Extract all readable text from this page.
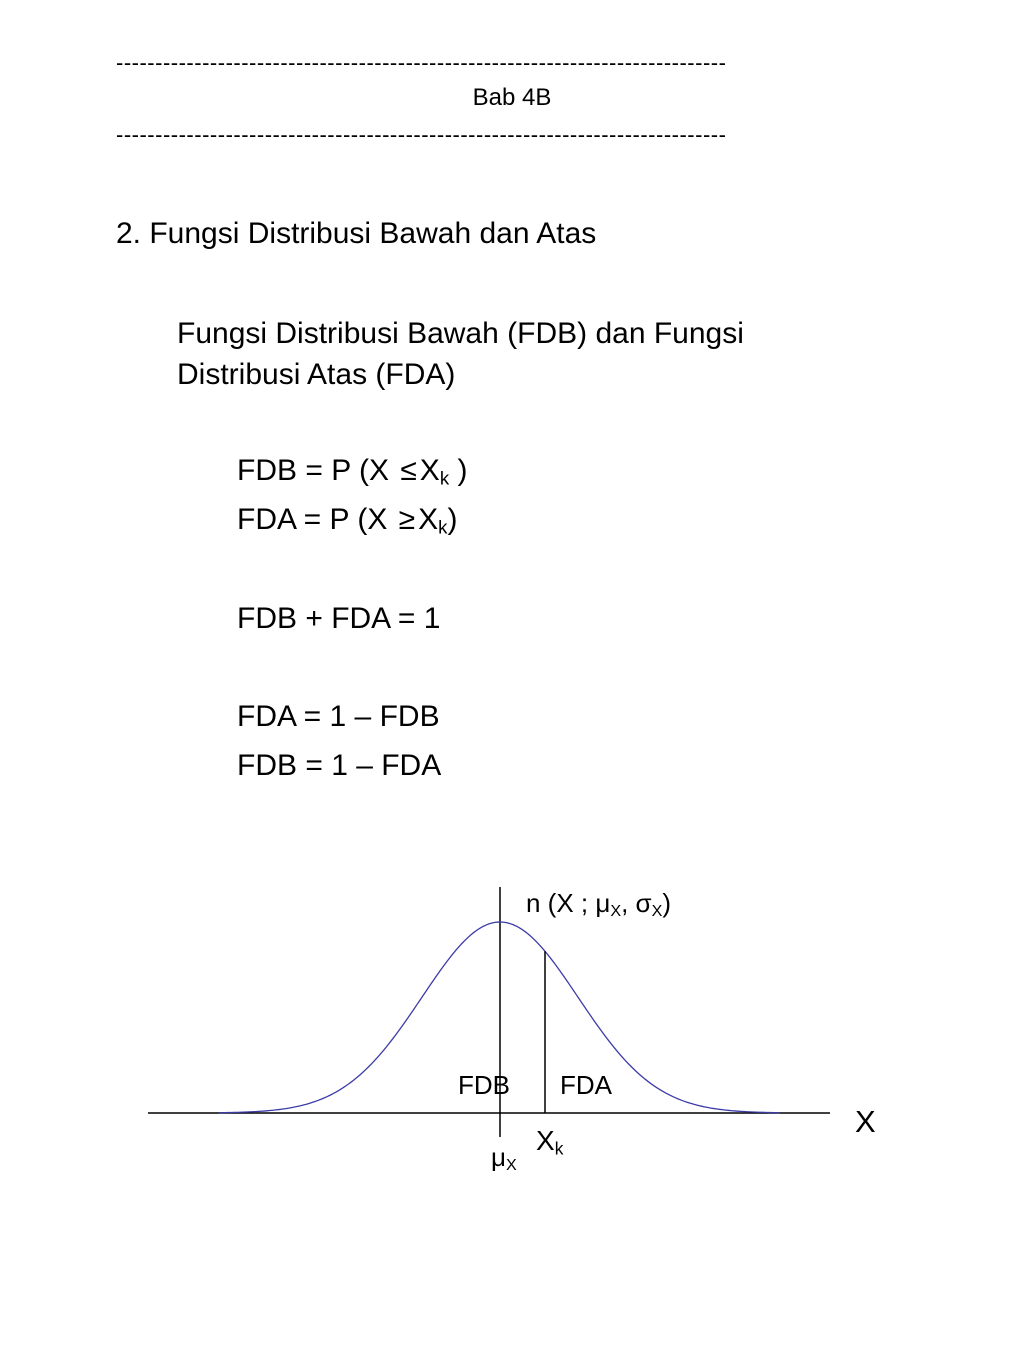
------------------------------------------------------------------------------
Bab 4B
------------------------------------------------------------------------------
2. Fungsi Distribusi Bawah dan Atas
Fungsi Distribusi Bawah (FDB) dan Fungsi
Distribusi Atas (FDA)
FDB = P ($X \le X_k$ )
FDA = P $(X \ge X_k)$
FDB + FDA = 1
FDA = 1 – FDB
FDB = 1 – FDA
n (X ; $\mu_X$, $\sigma_X$)
FDB FDA
X
$\mu_X$
$X_k$
